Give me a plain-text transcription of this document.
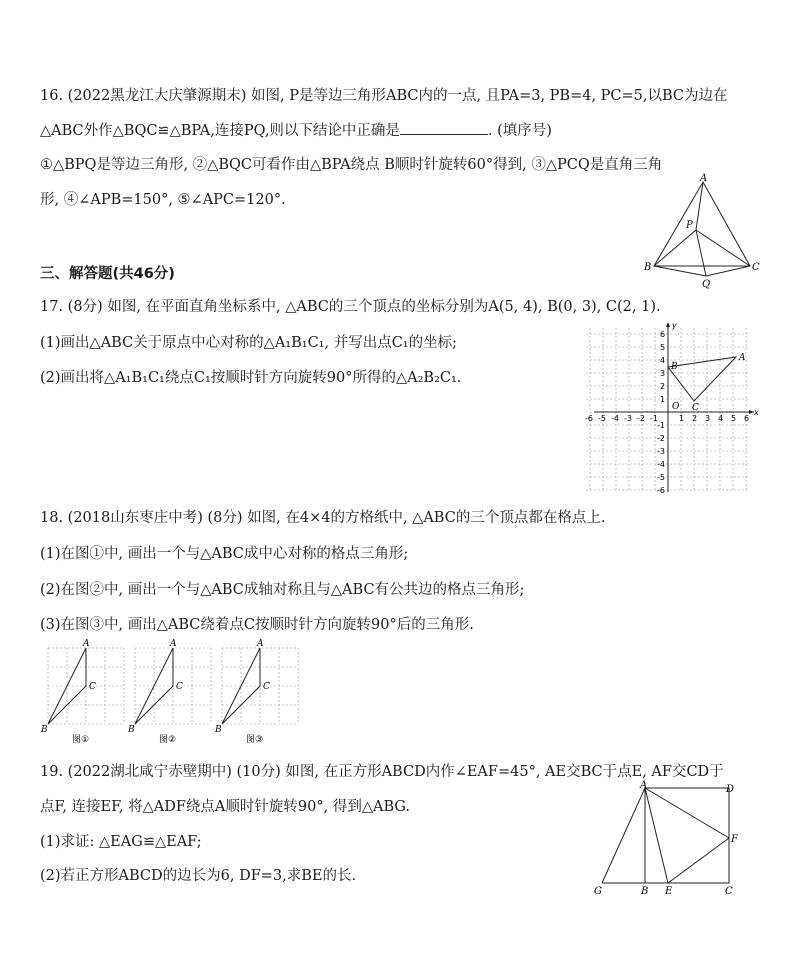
16. (2022黑龙江大庆肇源期末) 如图, P是等边三角形ABC内的一点, 且PA=3, PB=4, PC=5,以BC为边在
△ABC外作△BQC≌△BPA,连接PQ,则以下结论中正确是	. (填序号)
①△BPQ是等边三角形, ②△BQC可看作由△BPA绕点 B顺时针旋转60°得到, ③△PCQ是直角三角
形, ④∠APB=150°, ⑤∠APC=120°.
A
B	C
P
Q
三、解答题(共46分)
17. (8分) 如图, 在平面直角坐标系中, △ABC的三个顶点的坐标分别为A(5, 4), B(0, 3), C(2, 1).
(1)画出△ABC关于原点中心对称的△A₁B₁C₁, 并写出点C₁的坐标;
(2)画出将△A₁B₁C₁绕点C₁按顺时针方向旋转90°所得的△A₂B₂C₁.
x
y
O
-6 -5 -4 -3 -2 -1	1 2 3 4 5 6
6
5
4
3
2
1
-1
-2
-3
-4
-5
-6
A
B
C
18. (2018山东枣庄中考) (8分) 如图, 在4×4的方格纸中, △ABC的三个顶点都在格点上.
(1)在图①中, 画出一个与△ABC成中心对称的格点三角形;
(2)在图②中, 画出一个与△ABC成轴对称且与△ABC有公共边的格点三角形;
(3)在图③中, 画出△ABC绕着点C按顺时针方向旋转90°后的三角形.
A
B
C
图①
A
B
C
图②
A
B
C
图③
19. (2022湖北咸宁赤壁期中) (10分) 如图, 在正方形ABCD内作∠EAF=45°, AE交BC于点E, AF交CD于
点F, 连接EF, 将△ADF绕点A顺时针旋转90°, 得到△ABG.
(1)求证: △EAG≌△EAF;
(2)若正方形ABCD的边长为6, DF=3,求BE的长.
A	D
F
G	B E	C
